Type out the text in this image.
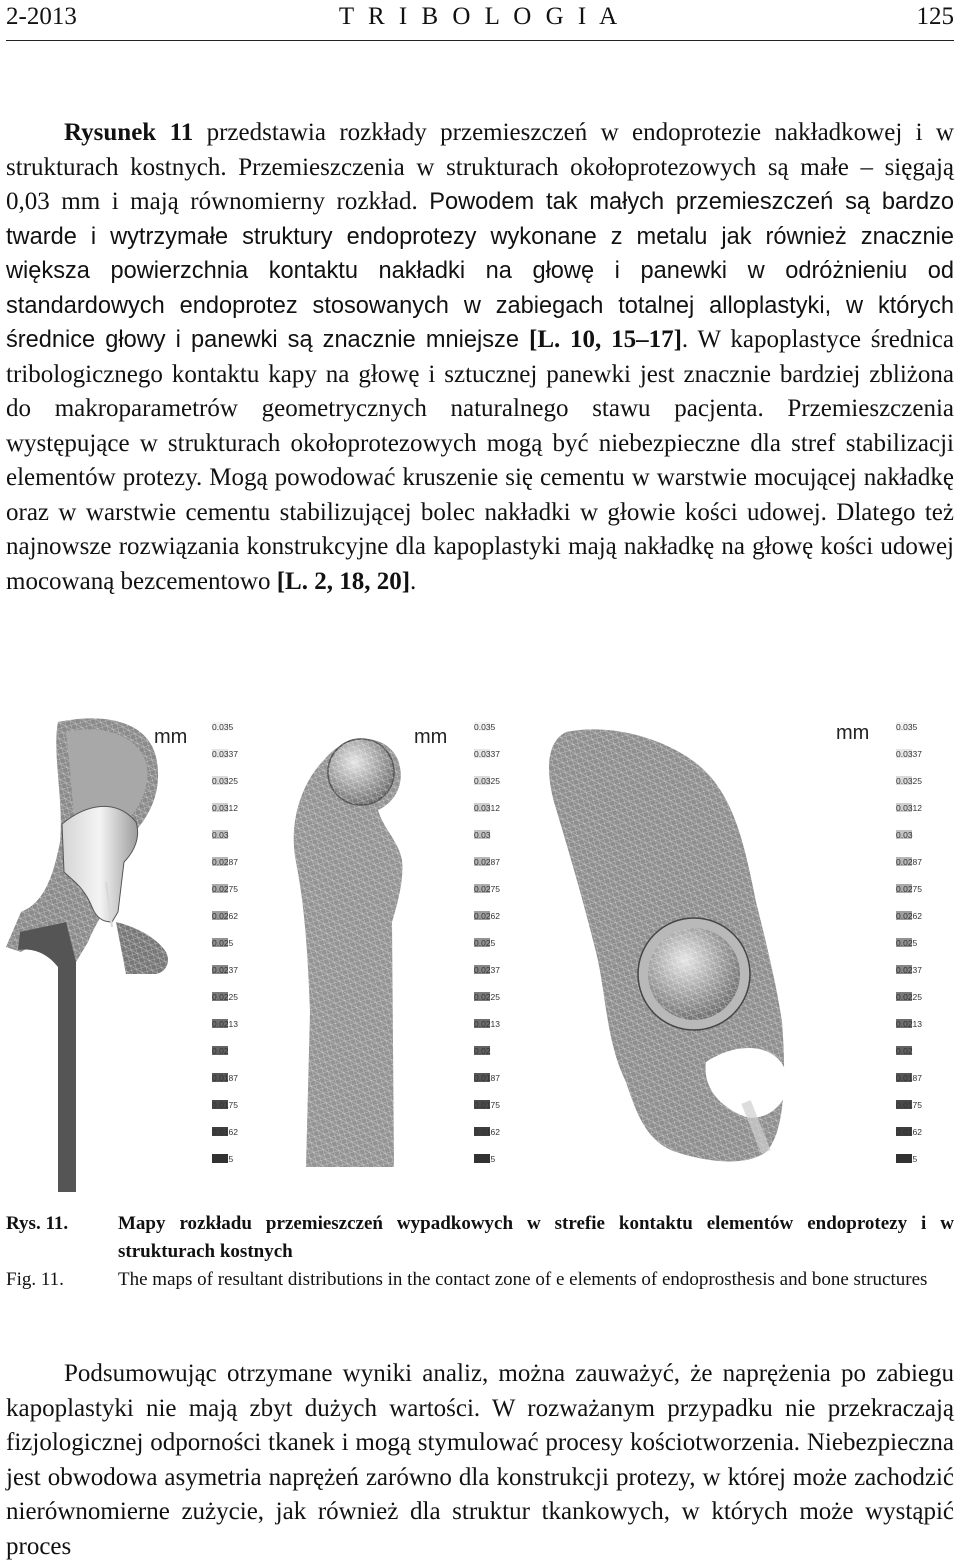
2-2013	T R I B O L O G I A	125

Rysunek 11 przedstawia rozkłady przemieszczeń w endoprotezie nakładkowej i w strukturach kostnych. Przemieszczenia w strukturach okołoprotezowych są małe – sięgają 0,03 mm i mają równomierny rozkład. Powodem tak małych przemieszczeń są bardzo twarde i wytrzymałe struktury endoprotezy wykonane z metalu jak również znacznie większa powierzchnia kontaktu nakładki na głowę i panewki w odróżnieniu od standardowych endoprotez stosowanych w zabiegach totalnej alloplastyki, w których średnice głowy i panewki są znacznie mniejsze [L. 10, 15–17]. W kapoplastyce średnica tribologicznego kontaktu kapy na głowę i sztucznej panewki jest znacznie bardziej zbliżona do makroparametrów geometrycznych naturalnego stawu pacjenta. Przemieszczenia występujące w strukturach okołoprotezowych mogą być niebezpieczne dla stref stabilizacji elementów protezy. Mogą powodować kruszenie się cementu w warstwie mocującej nakładkę oraz w warstwie cementu stabilizującej bolec nakładki w głowie kości udowej. Dlatego też najnowsze rozwiązania konstrukcyjne dla kapoplastyki mają nakładkę na głowę kości udowej mocowaną bezcementowo [L. 2, 18, 20].

mm	mm	mm
0.035
0.0337
0.0325
0.0312
0.03
0.0287
0.0275
0.0262
0.025
0.0237
0.0225
0.0213
0.02
0.0187
0.0175
0.0162
0.015
0.035
0.0337
0.0325
0.0312
0.03
0.0287
0.0275
0.0262
0.025
0.0237
0.0225
0.0213
0.02
0.0187
0.0175
0.0162
0.015
0.035
0.0337
0.0325
0.0312
0.03
0.0287
0.0275
0.0262
0.025
0.0237
0.0225
0.0213
0.02
0.0187
0.0175
0.0162
0.015
Rys. 11.	Mapy rozkładu przemieszczeń wypadkowych w strefie kontaktu elementów endoprotezy i w strukturach kostnych
Fig. 11.	The maps of resultant distributions in the contact zone of e elements of endoprosthesis and bone structures

Podsumowując otrzymane wyniki analiz, można zauważyć, że naprężenia po zabiegu kapoplastyki nie mają zbyt dużych wartości. W rozważanym przypadku nie przekraczają fizjologicznej odporności tkanek i mogą stymulować procesy kościotworzenia. Niebezpieczna jest obwodowa asymetria naprężeń zarówno dla konstrukcji protezy, w której może zachodzić nierównomierne zużycie, jak również dla struktur tkankowych, w których może wystąpić proces
